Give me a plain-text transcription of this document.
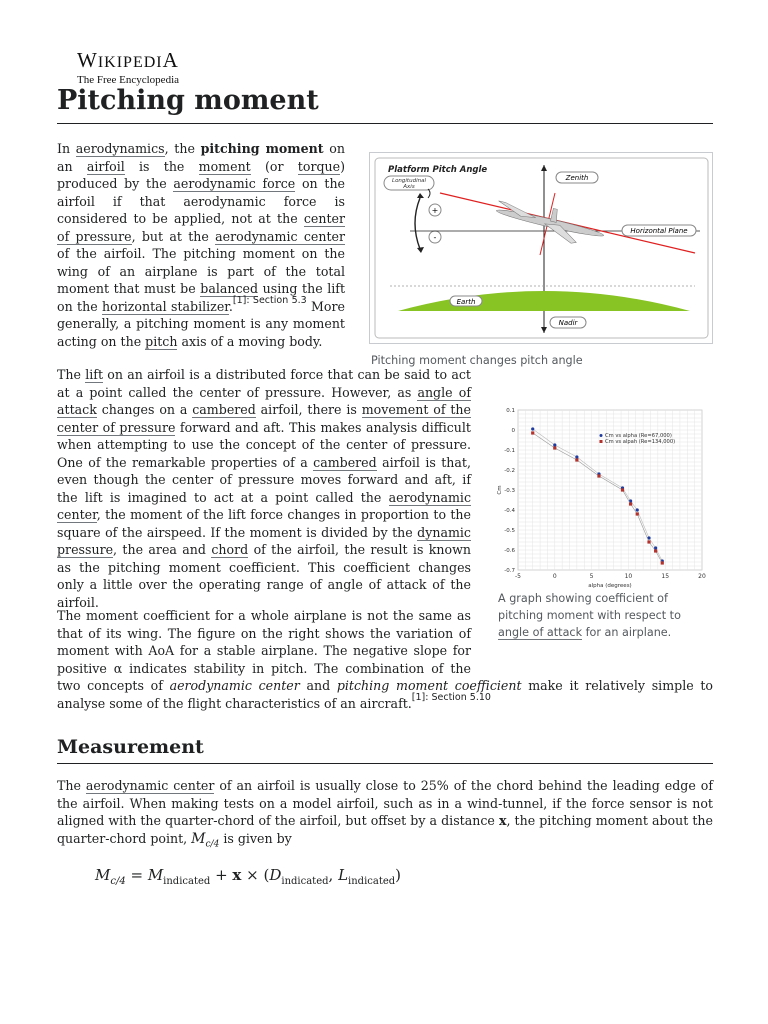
WIKIPEDIA
The Free Encyclopedia
Pitching moment

In aerodynamics, the pitching moment on an airfoil is the moment (or torque) produced by the aerodynamic force on the airfoil if that aerodynamic force is considered to be applied, not at the center of pressure, but at the aerodynamic center of the airfoil. The pitching moment on the wing of an airplane is part of the total moment that must be balanced using the lift on the horizontal stabilizer.$^{[1]: Section 5.3}$ More generally, a pitching moment is any moment acting on the pitch axis of a moving body.

Platform Pitch Angle
Longitudinal
Axis
+
-
Zenith
Horizontal Plane
Earth
Nadir
Pitching moment changes pitch angle

The lift on an airfoil is a distributed force that can be said to act at a point called the center of pressure. However, as angle of attack changes on a cambered airfoil, there is movement of the center of pressure forward and aft. This makes analysis difficult when attempting to use the concept of the center of pressure. One of the remarkable properties of a cambered airfoil is that, even though the center of pressure moves forward and aft, if the lift is imagined to act at a point called the aerodynamic center, the moment of the lift force changes in proportion to the square of the airspeed. If the moment is divided by the dynamic pressure, the area and chord of the airfoil, the result is known as the pitching moment coefficient. This coefficient changes only a little over the operating range of angle of attack of the airfoil.

-5	0	5	10	15	20
0.1
0
-0.1
-0.2
-0.3
-0.4
-0.5
-0.6
-0.7
alpha (degrees)
Cm
Cm vs alpha (Re=67,000)
Cm vs alpah (Re=134,000)
A graph showing coefficient of pitching moment with respect to angle of attack for an airplane.

The moment coefficient for a whole airplane is not the same as that of its wing. The figure on the right shows the variation of moment with AoA for a stable airplane. The negative slope for positive α indicates stability in pitch. The combination of the two concepts of aerodynamic center and pitching moment coefficient make it relatively simple to analyse some of the flight characteristics of an aircraft.$^{[1]: Section 5.10}$

Measurement

The aerodynamic center of an airfoil is usually close to 25% of the chord behind the leading edge of the airfoil. When making tests on a model airfoil, such as in a wind-tunnel, if the force sensor is not aligned with the quarter-chord of the airfoil, but offset by a distance x, the pitching moment about the quarter-chord point, $M_{c/4}$ is given by

$M_{c/4} = M_{indicated} + x \times (D_{indicated}$, $L_{indicated}$)
